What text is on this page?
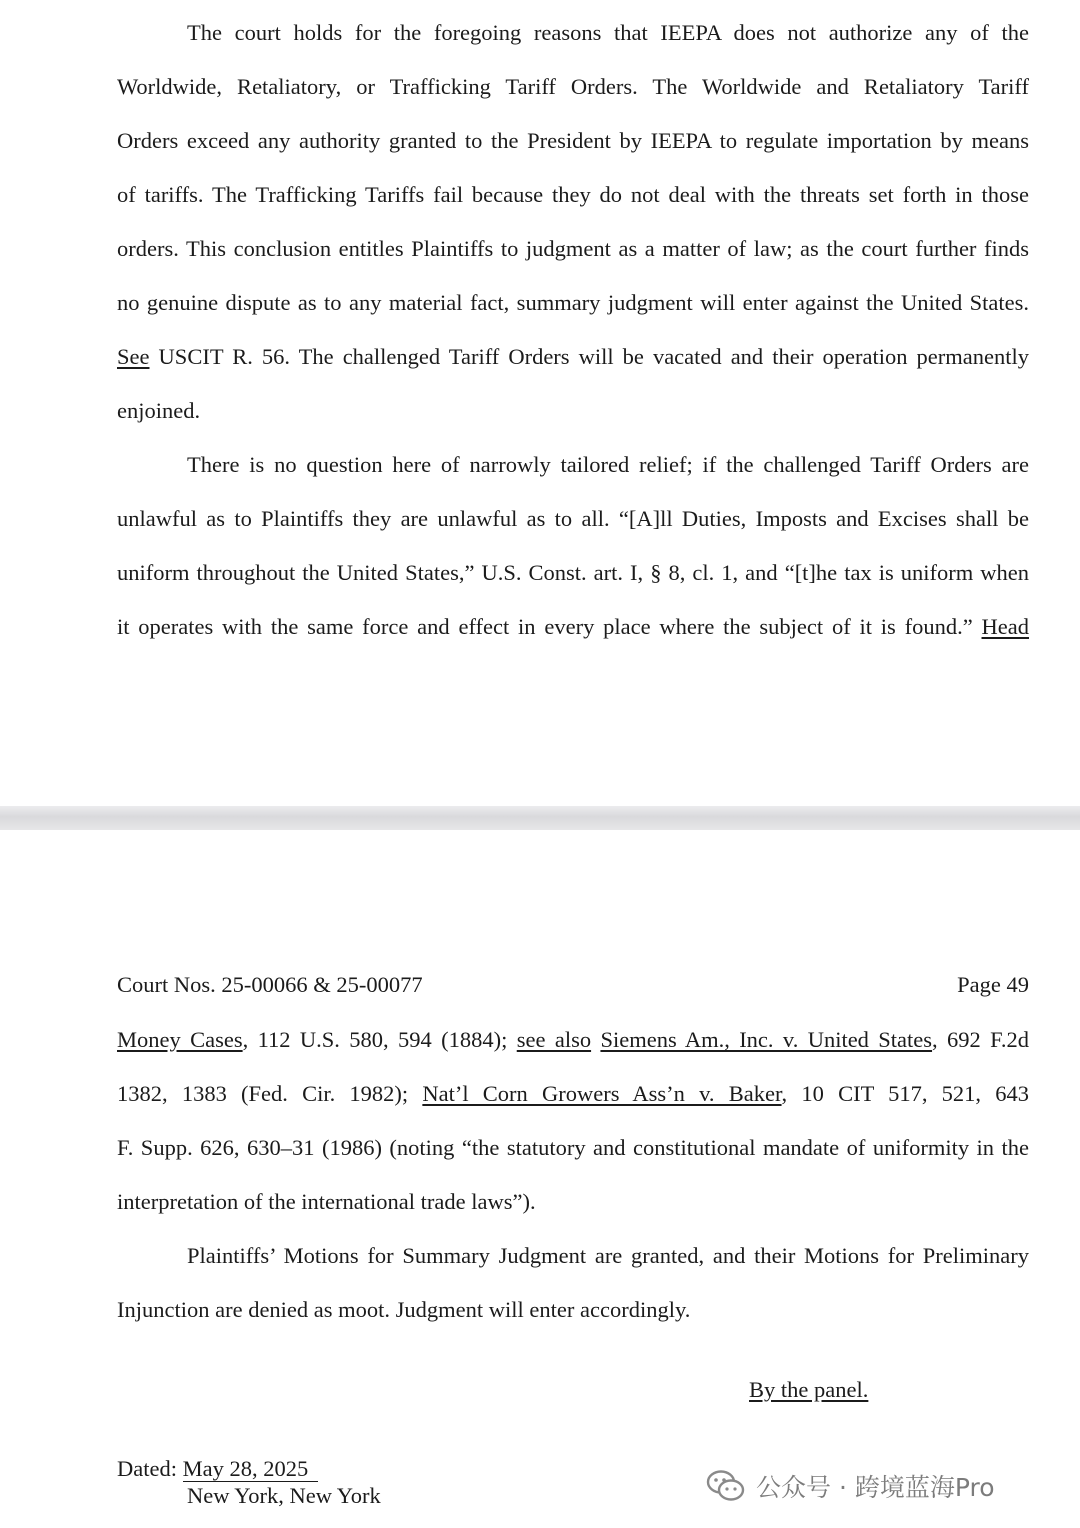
The court holds for the foregoing reasons that IEEPA does not authorize any of the
Worldwide, Retaliatory, or Trafficking Tariff Orders. The Worldwide and Retaliatory Tariff
Orders exceed any authority granted to the President by IEEPA to regulate importation by means
of tariffs. The Trafficking Tariffs fail because they do not deal with the threats set forth in those
orders. This conclusion entitles Plaintiffs to judgment as a matter of law; as the court further finds
no genuine dispute as to any material fact, summary judgment will enter against the United States.
See USCIT R. 56. The challenged Tariff Orders will be vacated and their operation permanently
enjoined.
There is no question here of narrowly tailored relief; if the challenged Tariff Orders are
unlawful as to Plaintiffs they are unlawful as to all. “[A]ll Duties, Imposts and Excises shall be
uniform throughout the United States,” U.S. Const. art. I, § 8, cl. 1, and “[t]he tax is uniform when
it operates with the same force and effect in every place where the subject of it is found.” Head
Court Nos. 25-00066 & 25-00077	Page 49
Money Cases, 112 U.S. 580, 594 (1884); see also Siemens Am., Inc. v. United States, 692 F.2d
1382, 1383 (Fed. Cir. 1982); Nat’l Corn Growers Ass’n v. Baker, 10 CIT 517, 521, 643
F. Supp. 626, 630–31 (1986) (noting “the statutory and constitutional mandate of uniformity in the
interpretation of the international trade laws”).
Plaintiffs’ Motions for Summary Judgment are granted, and their Motions for Preliminary
Injunction are denied as moot. Judgment will enter accordingly.
By the panel.
Dated: May 28, 2025
New York, New York	公众号 · 跨境蓝海Pro
